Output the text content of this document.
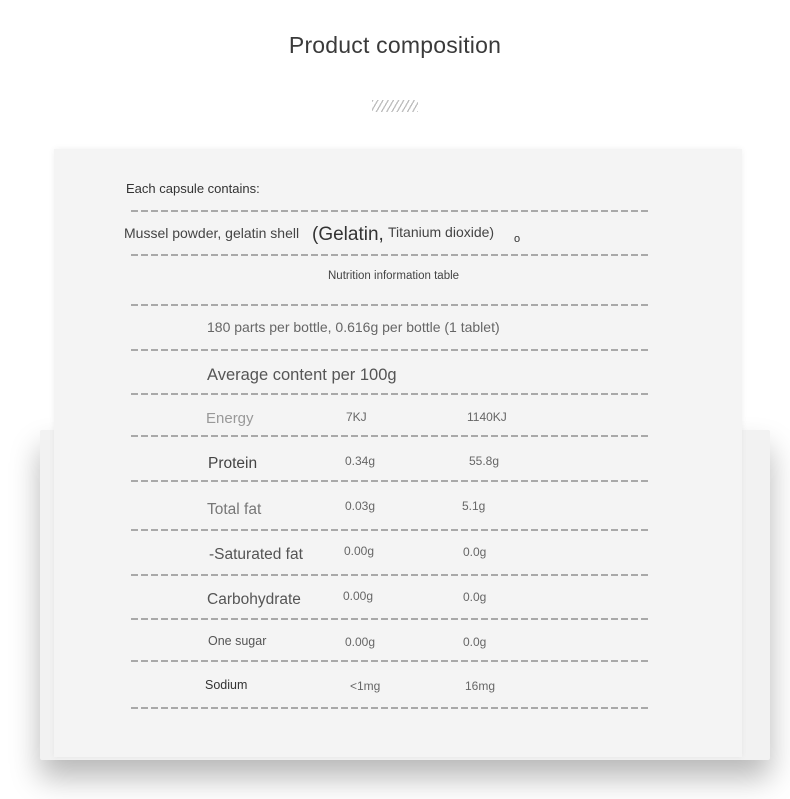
Product composition
Each capsule contains:
Mussel powder, gelatin shell (Gelatin, Titanium dioxide) o
Nutrition information table
180 parts per bottle, 0.616g per bottle (1 tablet)
Average content per 100g
Energy	7KJ	1140KJ
Protein	0.34g	55.8g
Total fat	0.03g	5.1g
-Saturated fat	0.00g	0.0g
Carbohydrate	0.00g	0.0g
One sugar	0.00g	0.0g
Sodium	<1mg	16mg
